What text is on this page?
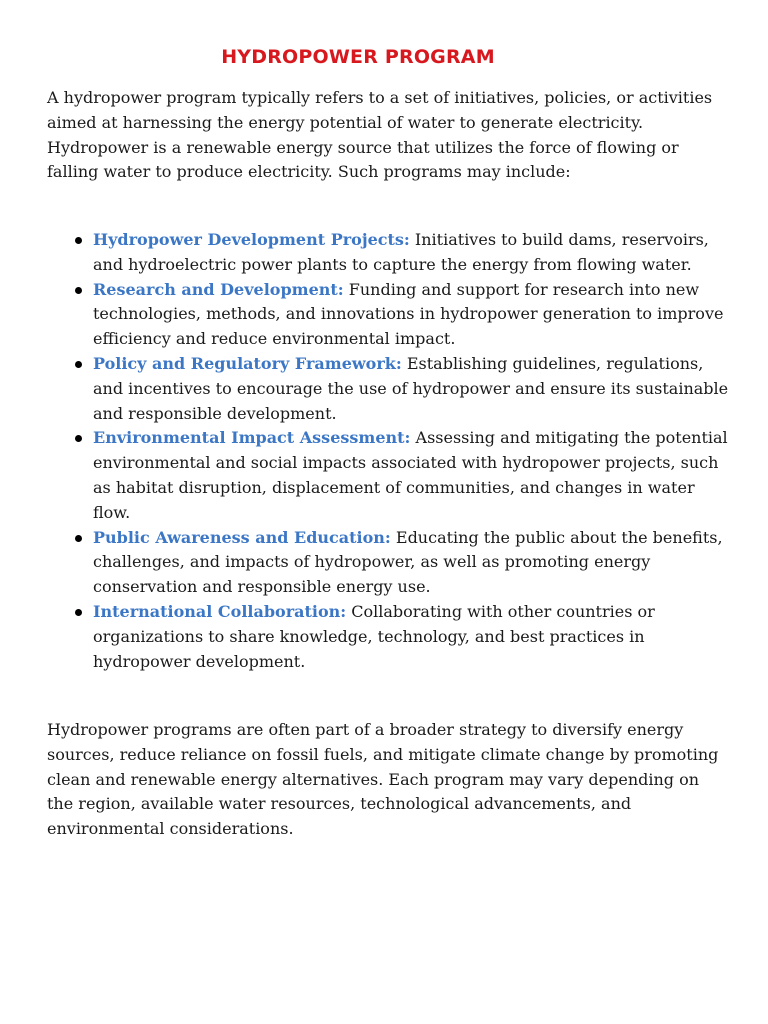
HYDROPOWER PROGRAM

A hydropower program typically refers to a set of initiatives, policies, or activities aimed at harnessing the energy potential of water to generate electricity. Hydropower is a renewable energy source that utilizes the force of flowing or falling water to produce electricity. Such programs may include:

Hydropower Development Projects: Initiatives to build dams, reservoirs, and hydroelectric power plants to capture the energy from flowing water.
Research and Development: Funding and support for research into new technologies, methods, and innovations in hydropower generation to improve efficiency and reduce environmental impact.
Policy and Regulatory Framework: Establishing guidelines, regulations, and incentives to encourage the use of hydropower and ensure its sustainable and responsible development.
Environmental Impact Assessment: Assessing and mitigating the potential environmental and social impacts associated with hydropower projects, such as habitat disruption, displacement of communities, and changes in water flow.
Public Awareness and Education: Educating the public about the benefits, challenges, and impacts of hydropower, as well as promoting energy conservation and responsible energy use.
International Collaboration: Collaborating with other countries or organizations to share knowledge, technology, and best practices in hydropower development.

Hydropower programs are often part of a broader strategy to diversify energy sources, reduce reliance on fossil fuels, and mitigate climate change by promoting clean and renewable energy alternatives. Each program may vary depending on the region, available water resources, technological advancements, and environmental considerations.
